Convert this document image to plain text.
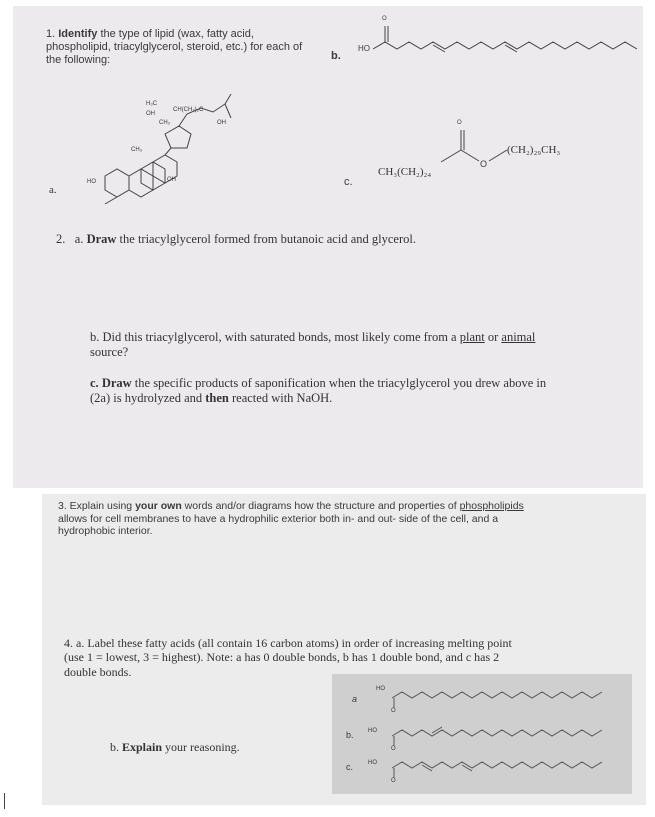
1. Identify the type of lipid (wax, fatty acid,
phospholipid, triacylglycerol, steroid, etc.) for each of
the following:	b.
a.
c.
HO
O
H₃C
OH
CH(CH₂)₂C
CH₃	OH
CH₃
HO	OH
CH₃(CH₂)₂₄
O
O
(CH₂)₂₉CH₃
2. a. Draw the triacylglycerol formed from butanoic acid and glycerol.
b. Did this triacylglycerol, with saturated bonds, most likely come from a plant or animal
source?
c. Draw the specific products of saponification when the triacylglycerol you drew above in
(2a) is hydrolyzed and then reacted with NaOH.
3. Explain using your own words and/or diagrams how the structure and properties of phospholipids
allows for cell membranes to have a hydrophilic exterior both in- and out- side of the cell, and a
hydrophobic interior.
4. a. Label these fatty acids (all contain 16 carbon atoms) in order of increasing melting point
(use 1 = lowest, 3 = highest). Note: a has 0 double bonds, b has 1 double bond, and c has 2
double bonds.
b. Explain your reasoning.
a
b.
c.
HO
HO
HO
O
O
O
